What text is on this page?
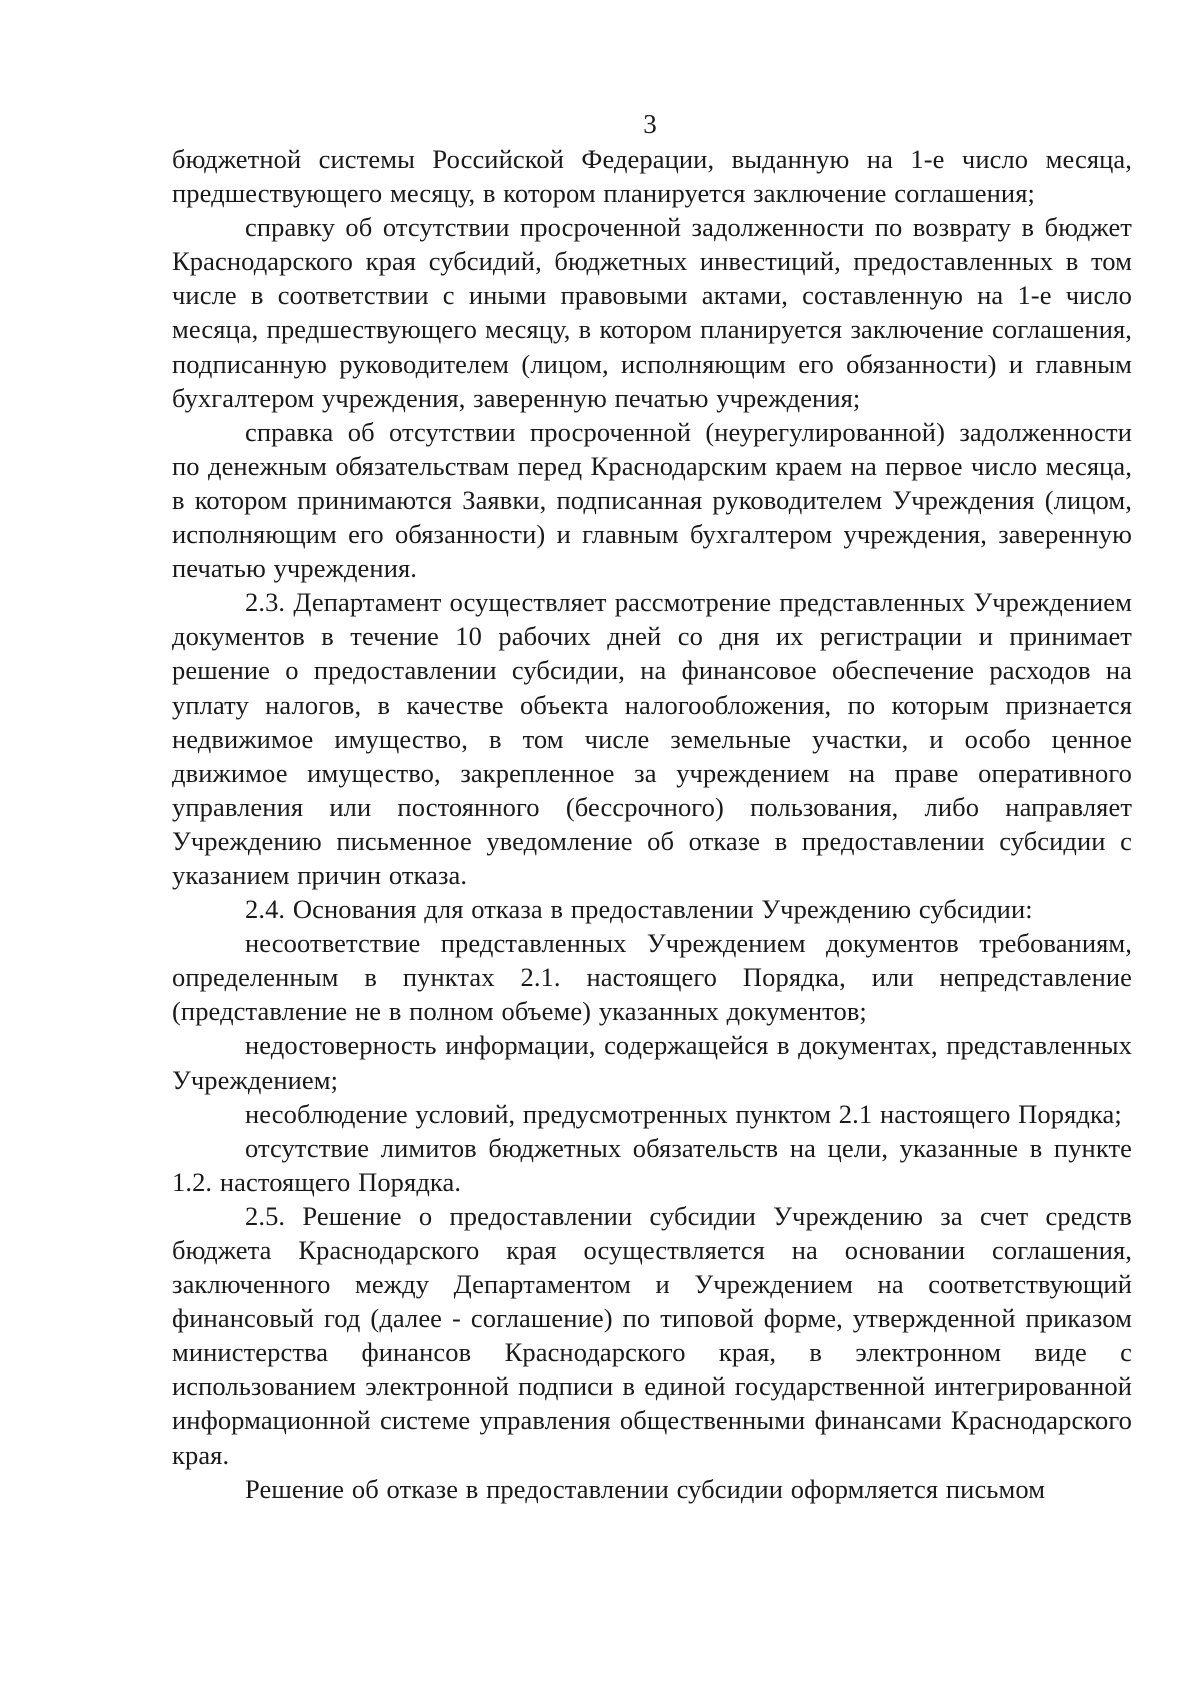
3

бюджетной системы Российской Федерации, выданную на 1-е число месяца, предшествующего месяцу, в котором планируется заключение соглашения;

справку об отсутствии просроченной задолженности по возврату в бюджет Краснодарского края субсидий, бюджетных инвестиций, предоставленных в том числе в соответствии с иными правовыми актами, составленную на 1-е число месяца, предшествующего месяцу, в котором планируется заключение соглашения, подписанную руководителем (лицом, исполняющим его обязанности) и главным бухгалтером учреждения, заверенную печатью учреждения;

справка об отсутствии просроченной (неурегулированной) задолженности по денежным обязательствам перед Краснодарским краем на первое число месяца, в котором принимаются Заявки, подписанная руководителем Учреждения (лицом, исполняющим его обязанности) и главным бухгалтером учреждения, заверенную печатью учреждения.

2.3. Департамент осуществляет рассмотрение представленных Учреждением документов в течение 10 рабочих дней со дня их регистрации и принимает решение о предоставлении субсидии, на финансовое обеспечение расходов на уплату налогов, в качестве объекта налогообложения, по которым признается недвижимое имущество, в том числе земельные участки, и особо ценное движимое имущество, закрепленное за учреждением на праве оперативного управления или постоянного (бессрочного) пользования, либо направляет Учреждению письменное уведомление об отказе в предоставлении субсидии с указанием причин отказа.

2.4. Основания для отказа в предоставлении Учреждению субсидии:

несоответствие представленных Учреждением документов требованиям, определенным в пунктах 2.1. настоящего Порядка, или непредставление (представление не в полном объеме) указанных документов;

недостоверность информации, содержащейся в документах, представленных Учреждением;

несоблюдение условий, предусмотренных пунктом 2.1 настоящего Порядка;

отсутствие лимитов бюджетных обязательств на цели, указанные в пункте 1.2. настоящего Порядка.

2.5. Решение о предоставлении субсидии Учреждению за счет средств бюджета Краснодарского края осуществляется на основании соглашения, заключенного между Департаментом и Учреждением на соответствующий финансовый год (далее - соглашение) по типовой форме, утвержденной приказом министерства финансов Краснодарского края, в электронном виде с использованием электронной подписи в единой государственной интегрированной информационной системе управления общественными финансами Краснодарского края.

Решение об отказе в предоставлении субсидии оформляется письмом
